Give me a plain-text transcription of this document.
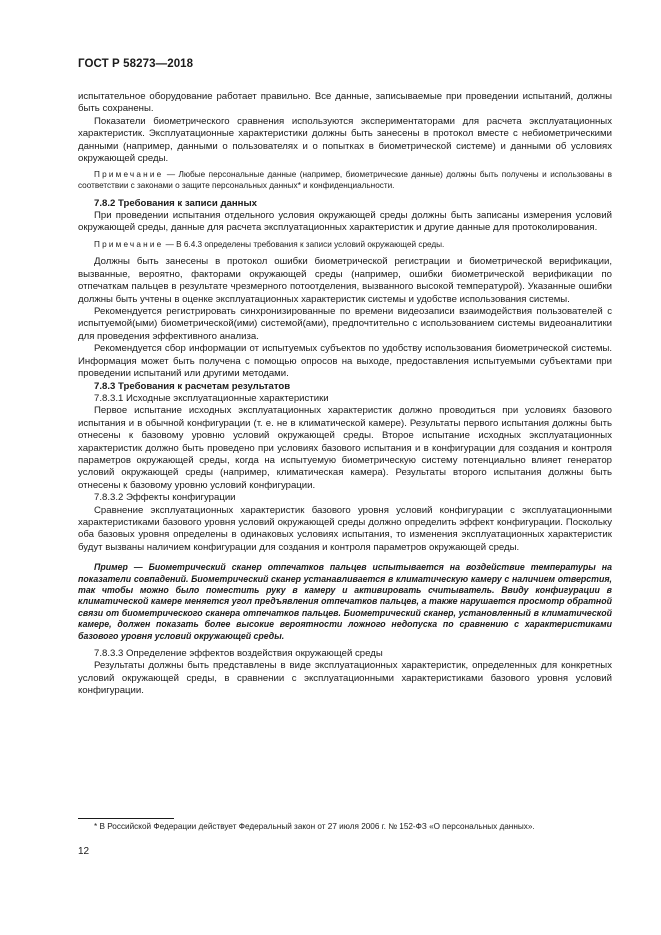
ГОСТ Р 58273—2018

испытательное оборудование работает правильно. Все данные, записываемые при проведении испытаний, должны быть сохранены.

Показатели биометрического сравнения используются экспериментаторами для расчета эксплуатационных характеристик. Эксплуатационные характеристики должны быть занесены в протокол вместе с небиометрическими данными (например, данными о пользователях и о попытках в биометрической системе) и данными об условиях окружающей среды.

Примечание — Любые персональные данные (например, биометрические данные) должны быть получены и использованы в соответствии с законами о защите персональных данных* и конфиденциальности.
7.8.2 Требования к записи данных

При проведении испытания отдельного условия окружающей среды должны быть записаны измерения условий окружающей среды, данные для расчета эксплуатационных характеристик и другие данные для протоколирования.

Примечание — В 6.4.3 определены требования к записи условий окружающей среды.

Должны быть занесены в протокол ошибки биометрической регистрации и биометрической верификации, вызванные, вероятно, факторами окружающей среды (например, ошибки биометрической верификации по отпечаткам пальцев в результате чрезмерного потоотделения, вызванного высокой температурой). Указанные ошибки должны быть учтены в оценке эксплуатационных характеристик системы и удобстве использования системы.

Рекомендуется регистрировать синхронизированные по времени видеозаписи взаимодействия пользователей с испытуемой(ыми) биометрической(ими) системой(ами), предпочтительно с использованием системы видеоаналитики для проведения эффективного анализа.

Рекомендуется сбор информации от испытуемых субъектов по удобству использования биометрической системы. Информация может быть получена с помощью опросов на выходе, предоставления испытуемыми субъектами при проведении испытаний или другими методами.

7.8.3 Требования к расчетам результатов

7.8.3.1 Исходные эксплуатационные характеристики

Первое испытание исходных эксплуатационных характеристик должно проводиться при условиях базового испытания и в обычной конфигурации (т. е. не в климатической камере). Результаты первого испытания должны быть отнесены к базовому уровню условий окружающей среды. Второе испытание исходных эксплуатационных характеристик должно быть проведено при условиях базового испытания и в конфигурации для создания и контроля параметров окружающей среды, когда на испытуемую биометрическую систему потенциально влияет генератор условий окружающей среды (например, климатическая камера). Результаты второго испытания должны быть отнесены к базовому уровню условий конфигурации.

7.8.3.2 Эффекты конфигурации

Сравнение эксплуатационных характеристик базового уровня условий конфигурации с эксплуатационными характеристиками базового уровня условий окружающей среды должно определить эффект конфигурации. Поскольку оба базовых уровня определены в одинаковых условиях испытания, то изменения эксплуатационных характеристик будут вызваны наличием конфигурации для создания и контроля параметров окружающей среды.

Пример — Биометрический сканер отпечатков пальцев испытывается на воздействие температуры на показатели совпадений. Биометрический сканер устанавливается в климатическую камеру с наличием отверстия, так чтобы можно было поместить руку в камеру и активировать считыватель. Ввиду конфигурации в климатической камере меняется угол предъявления отпечатков пальцев, а также нарушается просмотр обратной связи от биометрического сканера отпечатков пальцев. Биометрический сканер, установленный в климатической камере, должен показать более высокие вероятности ложного недопуска по сравнению с характеристиками базового уровня условий окружающей среды.

7.8.3.3 Определение эффектов воздействия окружающей среды

Результаты должны быть представлены в виде эксплуатационных характеристик, определенных для конкретных условий окружающей среды, в сравнении с эксплуатационными характеристиками базового уровня условий конфигурации.

* В Российской Федерации действует Федеральный закон от 27 июля 2006 г. № 152-ФЗ «О персональных данных».
12
